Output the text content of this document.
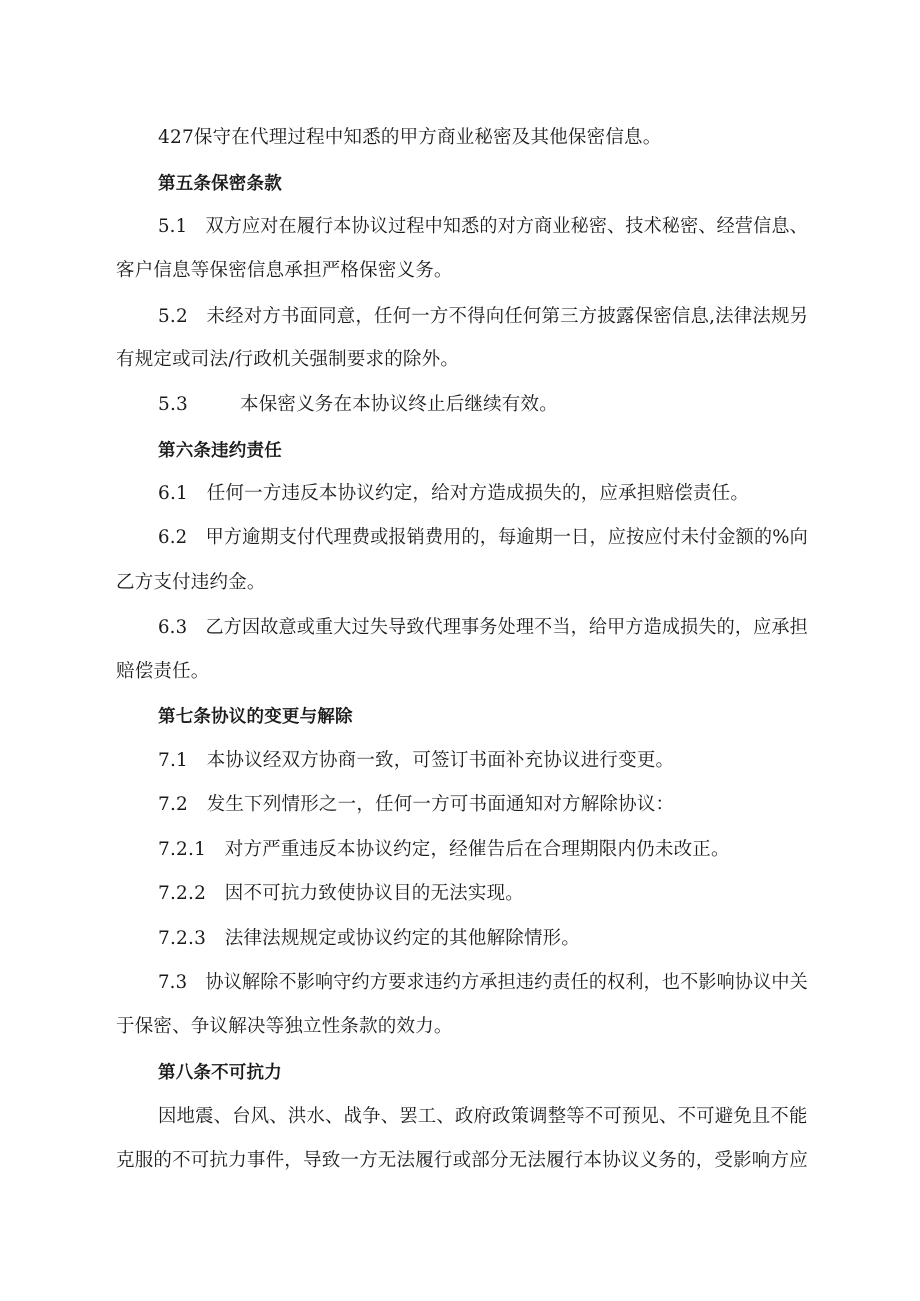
427保守在代理过程中知悉的甲方商业秘密及其他保密信息。
第五条保密条款
5.1　双方应对在履行本协议过程中知悉的对方商业秘密、技术秘密、经营信息、
客户信息等保密信息承担严格保密义务。
5.2　未经对方书面同意，任何一方不得向任何第三方披露保密信息,法律法规另
有规定或司法/行政机关强制要求的除外。
5.3	本保密义务在本协议终止后继续有效。
第六条违约责任
6.1　任何一方违反本协议约定，给对方造成损失的，应承担赔偿责任。
6.2　甲方逾期支付代理费或报销费用的，每逾期一日，应按应付未付金额的%向
乙方支付违约金。
6.3　乙方因故意或重大过失导致代理事务处理不当，给甲方造成损失的，应承担
赔偿责任。
第七条协议的变更与解除
7.1　本协议经双方协商一致，可签订书面补充协议进行变更。
7.2　发生下列情形之一，任何一方可书面通知对方解除协议：
7.2.1　对方严重违反本协议约定，经催告后在合理期限内仍未改正。
7.2.2　因不可抗力致使协议目的无法实现。
7.2.3　法律法规规定或协议约定的其他解除情形。
7.3　协议解除不影响守约方要求违约方承担违约责任的权利，也不影响协议中关
于保密、争议解决等独立性条款的效力。
第八条不可抗力
因地震、台风、洪水、战争、罢工、政府政策调整等不可预见、不可避免且不能
克服的不可抗力事件，导致一方无法履行或部分无法履行本协议义务的，受影响方应
